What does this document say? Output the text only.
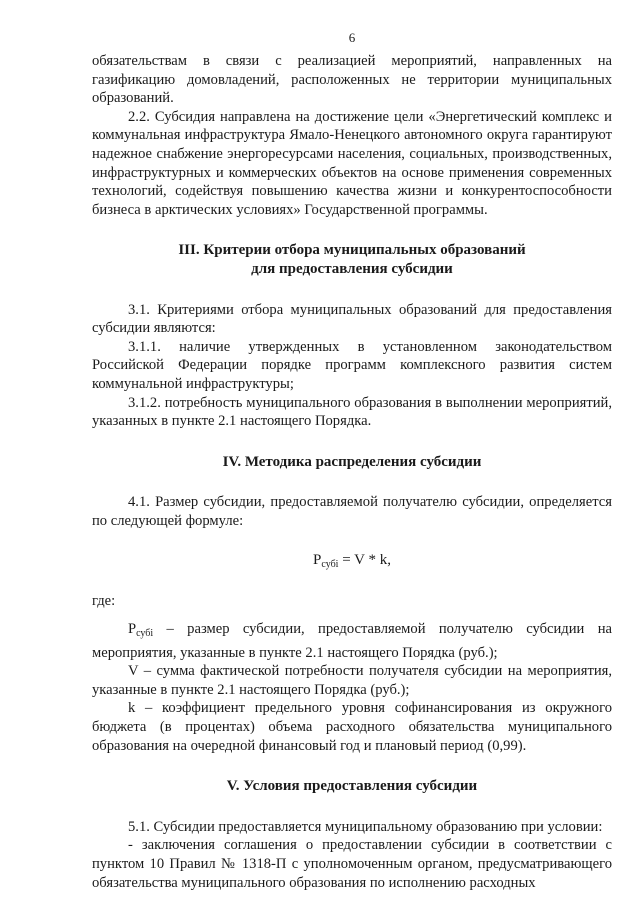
6

обязательствам в связи с реализацией мероприятий, направленных на газификацию домовладений, расположенных не территории муниципальных образований.

2.2. Субсидия направлена на достижение цели «Энергетический комплекс и коммунальная инфраструктура Ямало-Ненецкого автономного округа гарантируют надежное снабжение энергоресурсами населения, социальных, производственных, инфраструктурных и коммерческих объектов на основе применения современных технологий, содействуя повышению качества жизни и конкурентоспособности бизнеса в арктических условиях» Государственной программы.

III. Критерии отбора муниципальных образований
для предоставления субсидии

3.1. Критериями отбора муниципальных образований для предоставления субсидии являются:

3.1.1. наличие утвержденных в установленном законодательством Российской Федерации порядке программ комплексного развития систем коммунальной инфраструктуры;

3.1.2. потребность муниципального образования в выполнении мероприятий, указанных в пункте 2.1 настоящего Порядка.

IV. Методика распределения субсидии

4.1. Размер субсидии, предоставляемой получателю субсидии, определяется по следующей формуле:

$P_{субi} = V * k$,

где:

$P_{субi}$ – размер субсидии, предоставляемой получателю субсидии на мероприятия, указанные в пункте 2.1 настоящего Порядка (руб.);

V – сумма фактической потребности получателя субсидии на мероприятия, указанные в пункте 2.1 настоящего Порядка (руб.);

k – коэффициент предельного уровня софинансирования из окружного бюджета (в процентах) объема расходного обязательства муниципального образования на очередной финансовый год и плановый период (0,99).

V. Условия предоставления субсидии

5.1. Субсидии предоставляется муниципальному образованию при условии:

- заключения соглашения о предоставлении субсидии в соответствии с пунктом 10 Правил № 1318-П с уполномоченным органом, предусматривающего обязательства муниципального образования по исполнению расходных
